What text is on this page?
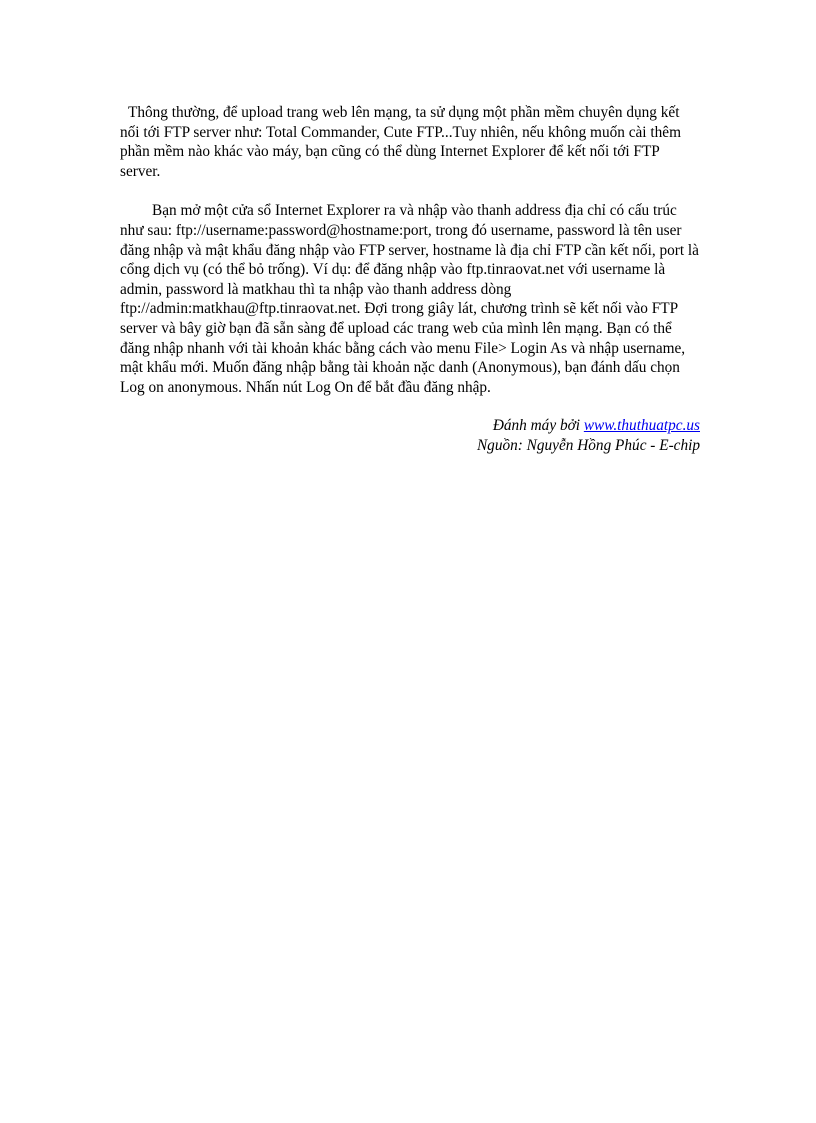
Thông thường, để upload trang web lên mạng, ta sử dụng một phần mềm chuyên dụng kết nối tới FTP server như: Total Commander, Cute FTP...Tuy nhiên, nếu không muốn cài thêm phần mềm nào khác vào máy, bạn cũng có thể dùng Internet Explorer để kết nối tới FTP server.

Bạn mở một cửa sổ Internet Explorer ra và nhập vào thanh address địa chỉ có cấu trúc như sau: ftp://username:password@hostname:port, trong đó username, password là tên user đăng nhập và mật khẩu đăng nhập vào FTP server, hostname là địa chỉ FTP cần kết nối, port là cổng dịch vụ (có thể bỏ trống). Ví dụ: để đăng nhập vào ftp.tinraovat.net với username là admin, password là matkhau thì ta nhập vào thanh address dòng ftp://admin:matkhau@ftp.tinraovat.net. Đợi trong giây lát, chương trình sẽ kết nối vào FTP server và bây giờ bạn đã sẵn sàng để upload các trang web của mình lên mạng. Bạn có thể đăng nhập nhanh với tài khoản khác bằng cách vào menu File> Login As và nhập username, mật khẩu mới. Muốn đăng nhập bằng tài khoản nặc danh (Anonymous), bạn đánh dấu chọn Log on anonymous. Nhấn nút Log On để bắt đầu đăng nhập.

Đánh máy bởi www.thuthuatpc.us
Nguồn: Nguyễn Hồng Phúc - E-chip
